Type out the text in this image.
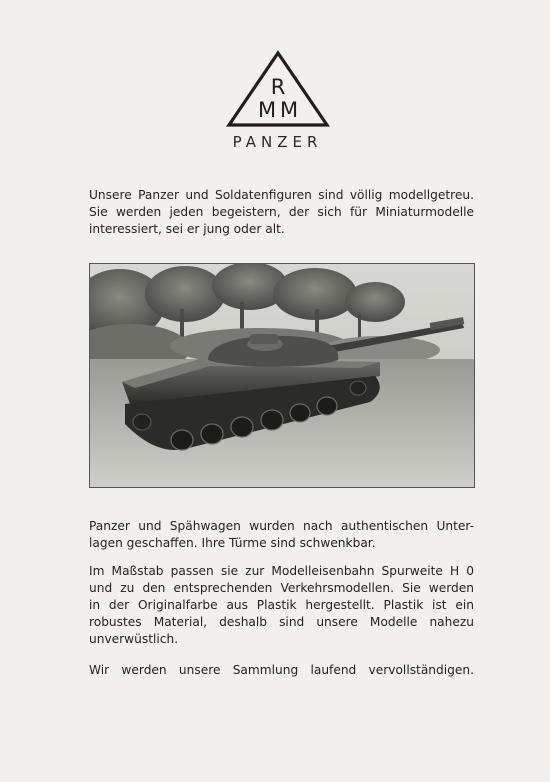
R
M M
PANZER
Unsere Panzer und Soldatenfiguren sind völlig modellgetreu.
Sie werden jeden begeistern, der sich für Miniaturmodelle
interessiert, sei er jung oder alt.
Panzer und Spähwagen wurden nach authentischen Unter-
lagen geschaffen. Ihre Türme sind schwenkbar.
Im Maßstab passen sie zur Modelleisenbahn Spurweite H 0
und zu den entsprechenden Verkehrsmodellen. Sie werden
in der Originalfarbe aus Plastik hergestellt. Plastik ist ein
robustes Material, deshalb sind unsere Modelle nahezu
unverwüstlich.
Wir werden unsere Sammlung laufend vervollständigen.
